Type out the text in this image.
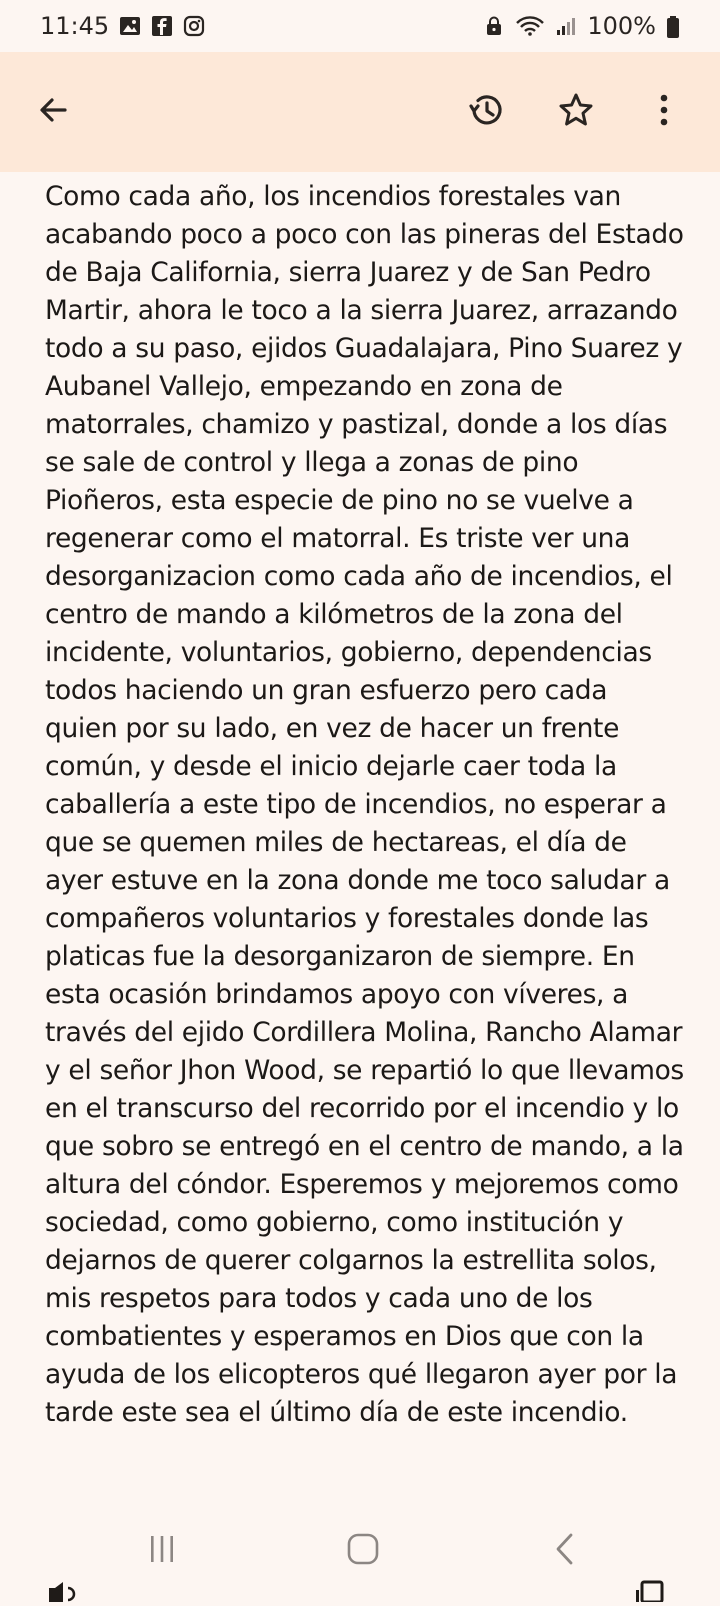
11:45	100%
Como cada año, los incendios forestales van acabando poco a poco con las pineras del Estado de Baja California, sierra Juarez y de San Pedro Martir, ahora le toco a la sierra Juarez, arrazando todo a su paso, ejidos Guadalajara, Pino Suarez y Aubanel Vallejo, empezando en zona de matorrales, chamizo y pastizal, donde a los días se sale de control y llega a zonas de pino Pioñeros, esta especie de pino no se vuelve a regenerar como el matorral. Es triste ver una desorganizacion como cada año de incendios, el centro de mando a kilómetros de la zona del incidente, voluntarios, gobierno, dependencias todos haciendo un gran esfuerzo pero cada quien por su lado, en vez de hacer un frente común, y desde el inicio dejarle caer toda la caballería a este tipo de incendios, no esperar a que se quemen miles de hectareas, el día de ayer estuve en la zona donde me toco saludar a compañeros voluntarios y forestales donde las platicas fue la desorganizaron de siempre. En esta ocasión brindamos apoyo con víveres, a través del ejido Cordillera Molina, Rancho Alamar y el señor Jhon Wood, se repartió lo que llevamos en el transcurso del recorrido por el incendio y lo que sobro se entregó en el centro de mando, a la altura del cóndor. Esperemos y mejoremos como sociedad, como gobierno, como institución y dejarnos de querer colgarnos la estrellita solos, mis respetos para todos y cada uno de los combatientes y esperamos en Dios que con la ayuda de los elicopteros qué llegaron ayer por la tarde este sea el último día de este incendio.
